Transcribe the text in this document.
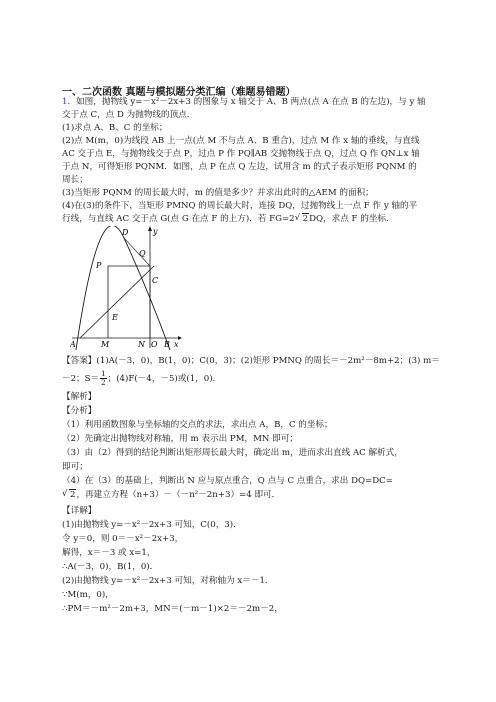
一、二次函数 真题与模拟题分类汇编（难题易错题）
1．如图，抛物线 y=－x²－2x+3 的图象与 x 轴交于 A、B 两点(点 A 在点 B 的左边)，与 y 轴
交于点 C，点 D 为抛物线的顶点．
(1)求点 A、B、C 的坐标；
(2)点 M(m，0)为线段 AB 上一点(点 M 不与点 A、B 重合)，过点 M 作 x 轴的垂线，与直线
AC 交于点 E，与抛物线交于点 P，过点 P 作 PQ∥AB 交抛物线于点 Q，过点 Q 作 QN⊥x 轴
于点 N，可得矩形 PQNM．如图，点 P 在点 Q 左边，试用含 m 的式子表示矩形 PQNM 的
周长；
(3)当矩形 PQNM 的周长最大时，m 的值是多少？并求出此时的△AEM 的面积；
(4)在(3)的条件下，当矩形 PMNQ 的周长最大时，连接 DQ，过抛物线上一点 F 作 y 轴的平
行线，与直线 AC 交于点 G(点 G 在点 F 的上方)．若 FG=2√ 2DQ，求点 F 的坐标．
y
P
D
Q
C
E
A	M	N O B x
【答案】(1)A(－3，0)，B(1，0)；C(0，3)；(2)矩形 PMNQ 的周长＝－2m²－8m+2；(3) m＝
－2；$S= \frac{1}{2}$ ；(4)F(－4，－5)或(1，0)．
【解析】
【分析】
（1）利用函数图象与坐标轴的交点的求法，求出点 A，B，C 的坐标；
（2）先确定出抛物线对称轴，用 m 表示出 PM，MN 即可；
（3）由（2）得到的结论判断出矩形周长最大时，确定出 m，进而求出直线 AC 解析式，
即可；
（4）在（3）的基础上，判断出 N 应与原点重合，Q 点与 C 点重合，求出 DQ=DC=
√ 2，再建立方程（n+3）－（－n²－2n+3）=4 即可．
【详解】
(1)由抛物线 y=－x²－2x+3 可知，C(0，3)．
令 y＝0，则 0＝－x²－2x+3，
解得，x＝－3 或 x=1，
∴A(－3，0)，B(1，0)．
(2)由抛物线 y=－x²－2x+3 可知，对称轴为 x＝－1．
∵M(m，0)，
∴PM＝－m²－2m+3，MN＝(－m－1)×2＝－2m－2，
